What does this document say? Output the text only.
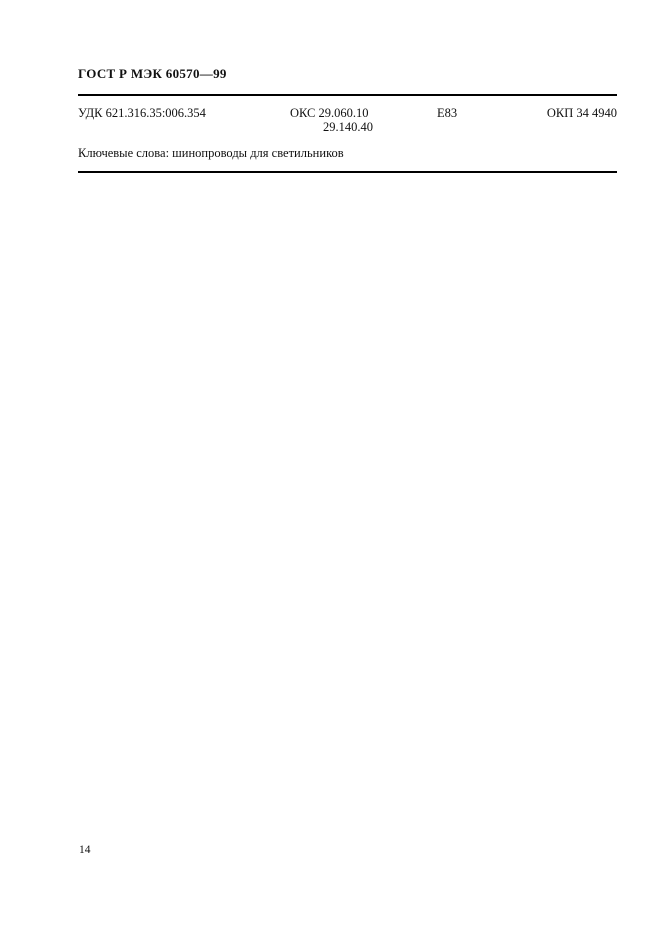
ГОСТ Р МЭК 60570—99
УДК 621.316.35:006.354	ОКС 29.060.10
29.140.40
Е83	ОКП 34 4940
Ключевые слова: шинопроводы для светильников
14
